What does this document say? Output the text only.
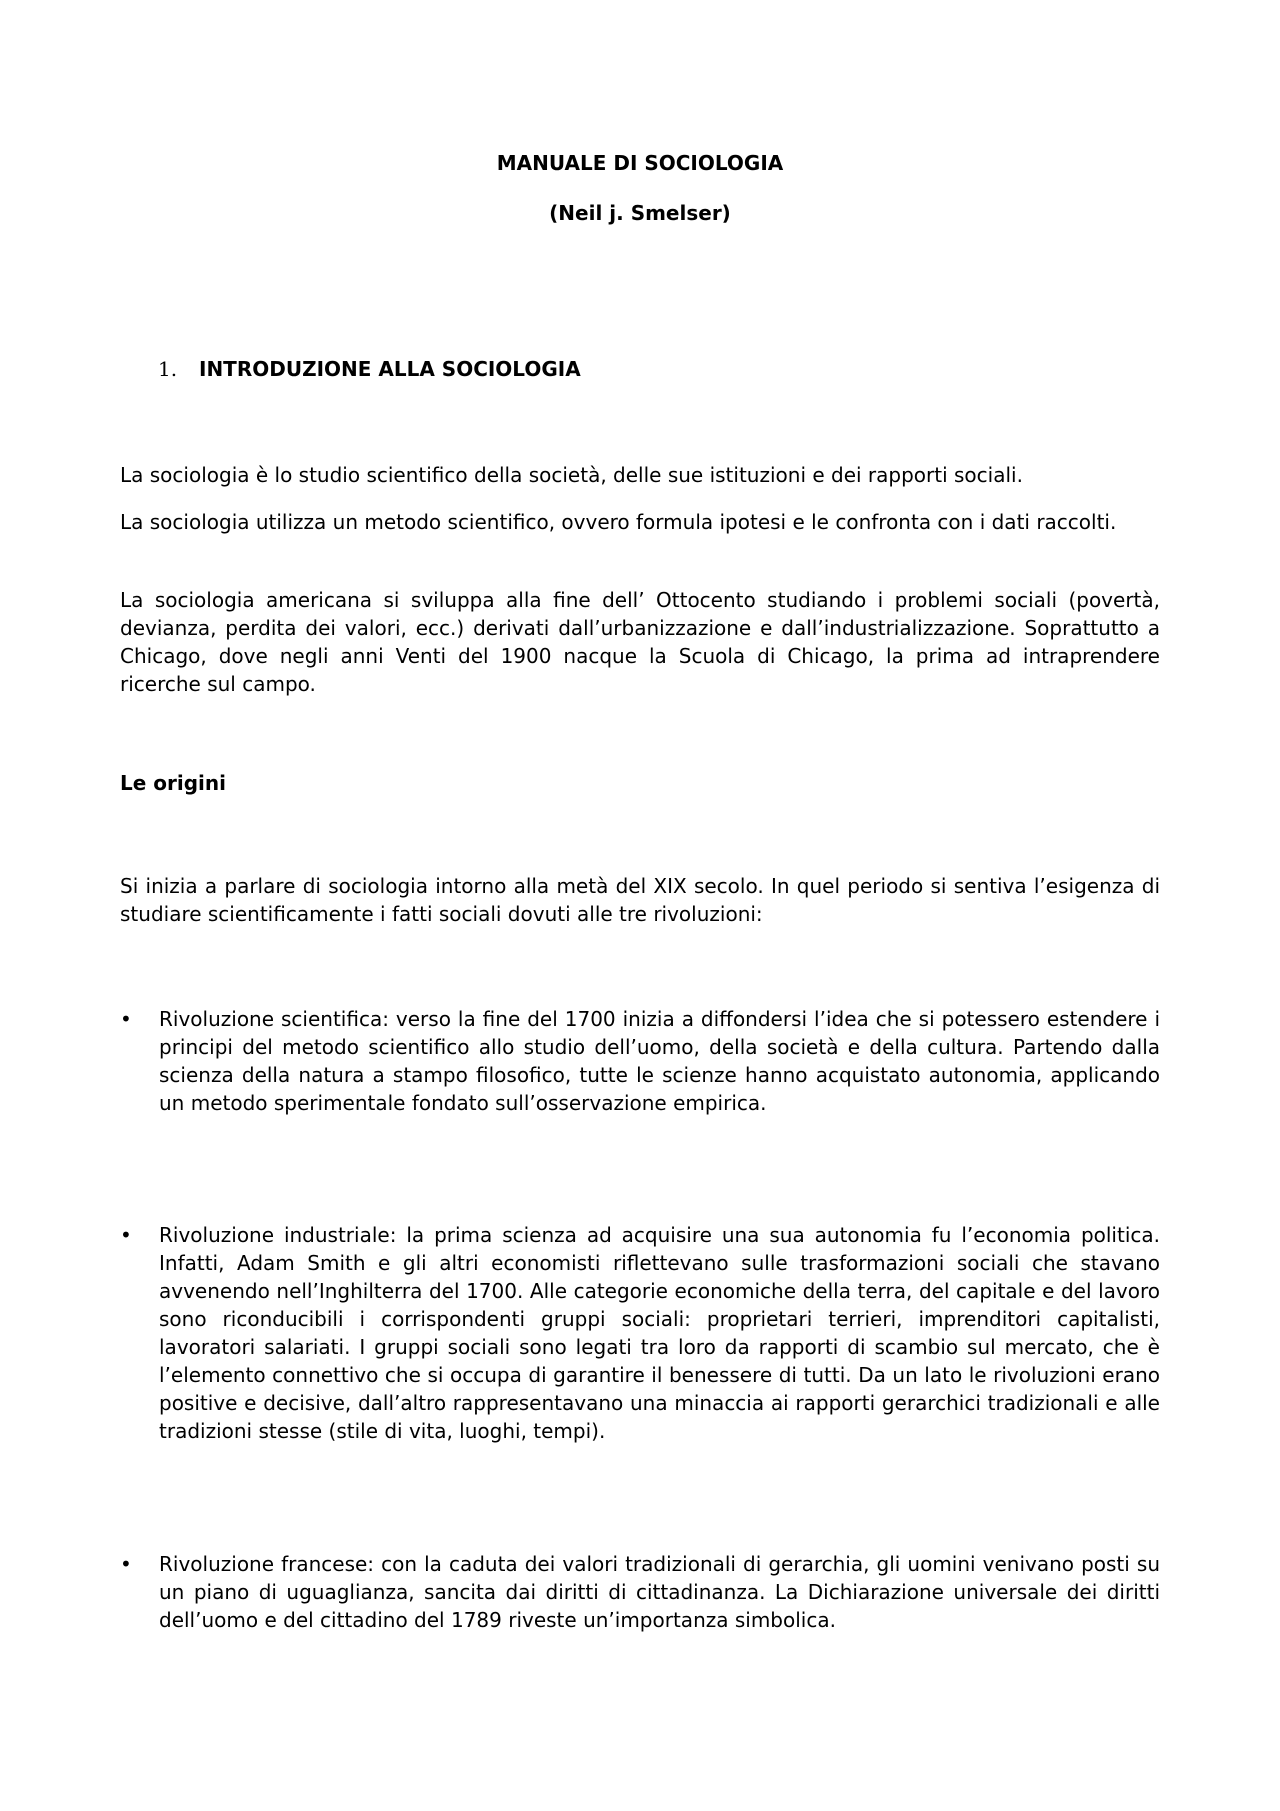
MANUALE DI SOCIOLOGIA
(Neil j. Smelser)
1.	INTRODUZIONE ALLA SOCIOLOGIA

La sociologia è lo studio scientifico della società, delle sue istituzioni e dei rapporti sociali.

La sociologia utilizza un metodo scientifico, ovvero formula ipotesi e le confronta con i dati raccolti.

La sociologia americana si sviluppa alla fine dell’ Ottocento studiando i problemi sociali (povertà, devianza, perdita dei valori, ecc.) derivati dall’urbanizzazione e dall’industrializzazione. Soprattutto a Chicago, dove negli anni Venti del 1900 nacque la Scuola di Chicago, la prima ad intraprendere ricerche sul campo.

Le origini

Si inizia a parlare di sociologia intorno alla metà del XIX secolo. In quel periodo si sentiva l’esigenza di studiare scientificamente i fatti sociali dovuti alle tre rivoluzioni:

•	Rivoluzione scientifica: verso la fine del 1700 inizia a diffondersi l’idea che si potessero estendere i principi del metodo scientifico allo studio dell’uomo, della società e della cultura. Partendo dalla scienza della natura a stampo filosofico, tutte le scienze hanno acquistato autonomia, applicando un metodo sperimentale fondato sull’osservazione empirica.

•	Rivoluzione industriale: la prima scienza ad acquisire una sua autonomia fu l’economia politica. Infatti, Adam Smith e gli altri economisti riflettevano sulle trasformazioni sociali che stavano avvenendo nell’Inghilterra del 1700. Alle categorie economiche della terra, del capitale e del lavoro sono riconducibili i corrispondenti gruppi sociali: proprietari terrieri, imprenditori capitalisti, lavoratori salariati. I gruppi sociali sono legati tra loro da rapporti di scambio sul mercato, che è l’elemento connettivo che si occupa di garantire il benessere di tutti. Da un lato le rivoluzioni erano positive e decisive, dall’altro rappresentavano una minaccia ai rapporti gerarchici tradizionali e alle tradizioni stesse (stile di vita, luoghi, tempi).

•	Rivoluzione francese: con la caduta dei valori tradizionali di gerarchia, gli uomini venivano posti su un piano di uguaglianza, sancita dai diritti di cittadinanza. La Dichiarazione universale dei diritti dell’uomo e del cittadino del 1789 riveste un’importanza simbolica.
